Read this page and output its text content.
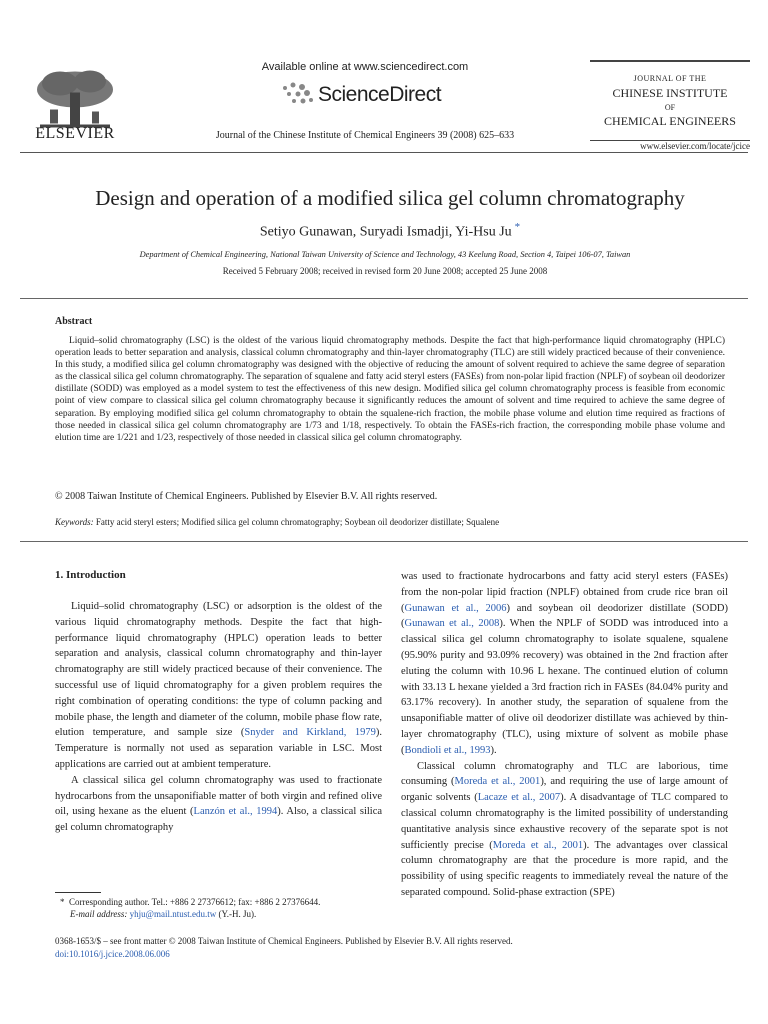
ELSEVIER
Available online at www.sciencedirect.com
ScienceDirect
Journal of the Chinese Institute of Chemical Engineers 39 (2008) 625–633
JOURNAL OF THE
CHINESE INSTITUTE
OF
CHEMICAL ENGINEERS
www.elsevier.com/locate/jcice
Design and operation of a modified silica gel column chromatography
Setiyo Gunawan, Suryadi Ismadji, Yi-Hsu Ju *
Department of Chemical Engineering, National Taiwan University of Science and Technology, 43 Keelung Road, Section 4, Taipei 106-07, Taiwan
Received 5 February 2008; received in revised form 20 June 2008; accepted 25 June 2008
Abstract
Liquid–solid chromatography (LSC) is the oldest of the various liquid chromatography methods. Despite the fact that high-performance liquid chromatography (HPLC) operation leads to better separation and analysis, classical column chromatography and thin-layer chromatography (TLC) are still widely practiced because of their convenience. In this study, a modified silica gel column chromatography was designed with the objective of reducing the amount of solvent required to achieve the same degree of separation as the classical silica gel column chromatography. The separation of squalene and fatty acid steryl esters (FASEs) from non-polar lipid fraction (NPLF) of soybean oil deodorizer distillate (SODD) was employed as a model system to test the effectiveness of this new design. Modified silica gel column chromatography process is feasible from economic point of view compare to classical silica gel column chromatography because it significantly reduces the amount of solvent and time required to achieve the same degree of separation. By employing modified silica gel column chromatography to obtain the squalene-rich fraction, the mobile phase volume and elution time required as fractions of those needed in classical silica gel column chromatography are 1/73 and 1/18, respectively. To obtain the FASEs-rich fraction, the corresponding mobile phase volume and elution time are 1/221 and 1/23, respectively of those needed in classical silica gel column chromatography.
© 2008 Taiwan Institute of Chemical Engineers. Published by Elsevier B.V. All rights reserved.
Keywords: Fatty acid steryl esters; Modified silica gel column chromatography; Soybean oil deodorizer distillate; Squalene
1. Introduction

Liquid–solid chromatography (LSC) or adsorption is the oldest of the various liquid chromatography methods. Despite the fact that high-performance liquid chromatography (HPLC) operation leads to better separation and analysis, classical column chromatography and thin-layer chromatography are still widely practiced because of their convenience. The successful use of liquid chromatography for a given problem requires the right combination of operating conditions: the type of column packing and mobile phase, the length and diameter of the column, mobile phase flow rate, elution temperature, and sample size (Snyder and Kirkland, 1979). Temperature is normally not used as separation variable in LSC. Most applications are carried out at ambient temperature.

A classical silica gel column chromatography was used to fractionate hydrocarbons from the unsaponifiable matter of both virgin and refined olive oil, using hexane as the eluent (Lanzón et al., 1994). Also, a classical silica gel column chromatography

was used to fractionate hydrocarbons and fatty acid steryl esters (FASEs) from the non-polar lipid fraction (NPLF) obtained from crude rice bran oil (Gunawan et al., 2006) and soybean oil deodorizer distillate (SODD) (Gunawan et al., 2008). When the NPLF of SODD was introduced into a classical silica gel column chromatography to isolate squalene, squalene (95.90% purity and 93.09% recovery) was obtained in the 2nd fraction after eluting the column with 10.96 L hexane. The continued elution of column with 33.13 L hexane yielded a 3rd fraction rich in FASEs (84.04% purity and 63.17% recovery). In another study, the separation of squalene from the unsaponifiable matter of olive oil deodorizer distillate was achieved by thin-layer chromatography (TLC), using mixture of solvent as mobile phase (Bondioli et al., 1993).

Classical column chromatography and TLC are laborious, time consuming (Moreda et al., 2001), and requiring the use of large amount of organic solvents (Lacaze et al., 2007). A disadvantage of TLC compared to classical column chromatography is the limited possibility of understanding quantitative analysis since exhaustive recovery of the separate spot is not sufficiently precise (Moreda et al., 2001). The advantages over classical column chromatography are that the procedure is more rapid, and the possibility of using specific reagents to immediately reveal the nature of the separated compound. Solid-phase extraction (SPE)

* Corresponding author. Tel.: +886 2 27376612; fax: +886 2 27376644.
E-mail address: yhju@mail.ntust.edu.tw (Y.-H. Ju).
0368-1653/$ – see front matter © 2008 Taiwan Institute of Chemical Engineers. Published by Elsevier B.V. All rights reserved.
doi:10.1016/j.jcice.2008.06.006
